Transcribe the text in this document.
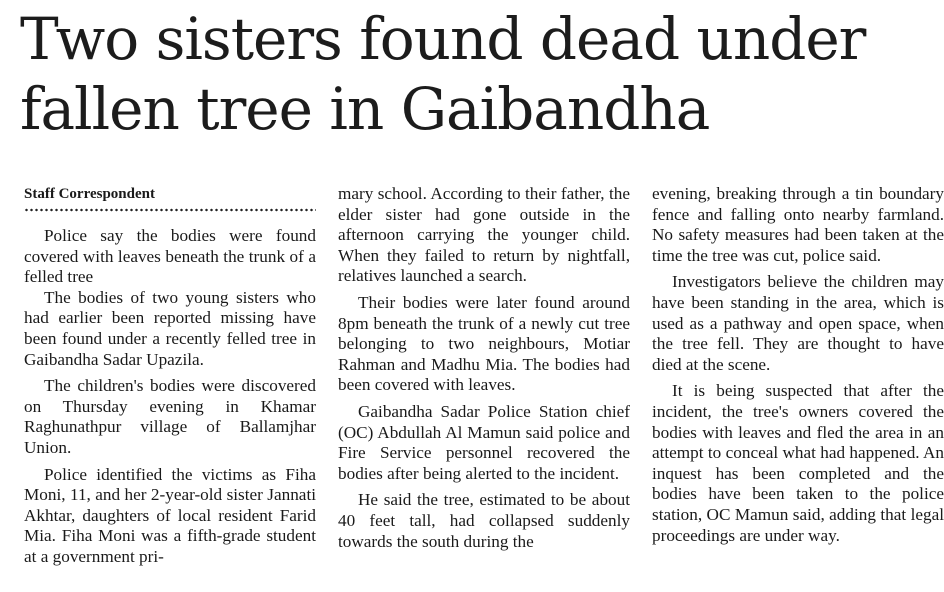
Two sisters found dead under fallen tree in Gaibandha
Staff Correspondent

Police say the bodies were found covered with leaves beneath the trunk of a felled tree

The bodies of two young sisters who had earlier been reported missing have been found under a recently felled tree in Gaibandha Sadar Upazila.

The children's bodies were discovered on Thursday evening in Khamar Raghunathpur village of Ballamjhar Union.

Police identified the victims as Fiha Moni, 11, and her 2-year-old sister Jannati Akhtar, daughters of local resident Farid Mia. Fiha Moni was a fifth-grade student at a government pri-

mary school. According to their father, the elder sister had gone outside in the afternoon carrying the younger child. When they failed to return by nightfall, relatives launched a search.

Their bodies were later found around 8pm beneath the trunk of a newly cut tree belonging to two neighbours, Motiar Rahman and Madhu Mia. The bodies had been covered with leaves.

Gaibandha Sadar Police Station chief (OC) Abdullah Al Mamun said police and Fire Service personnel recovered the bodies after being alerted to the incident.

He said the tree, estimated to be about 40 feet tall, had collapsed suddenly towards the south during the

evening, breaking through a tin boundary fence and falling onto nearby farmland. No safety measures had been taken at the time the tree was cut, police said.

Investigators believe the children may have been standing in the area, which is used as a pathway and open space, when the tree fell. They are thought to have died at the scene.

It is being suspected that after the incident, the tree's owners covered the bodies with leaves and fled the area in an attempt to conceal what had happened. An inquest has been completed and the bodies have been taken to the police station, OC Mamun said, adding that legal proceedings are under way.
